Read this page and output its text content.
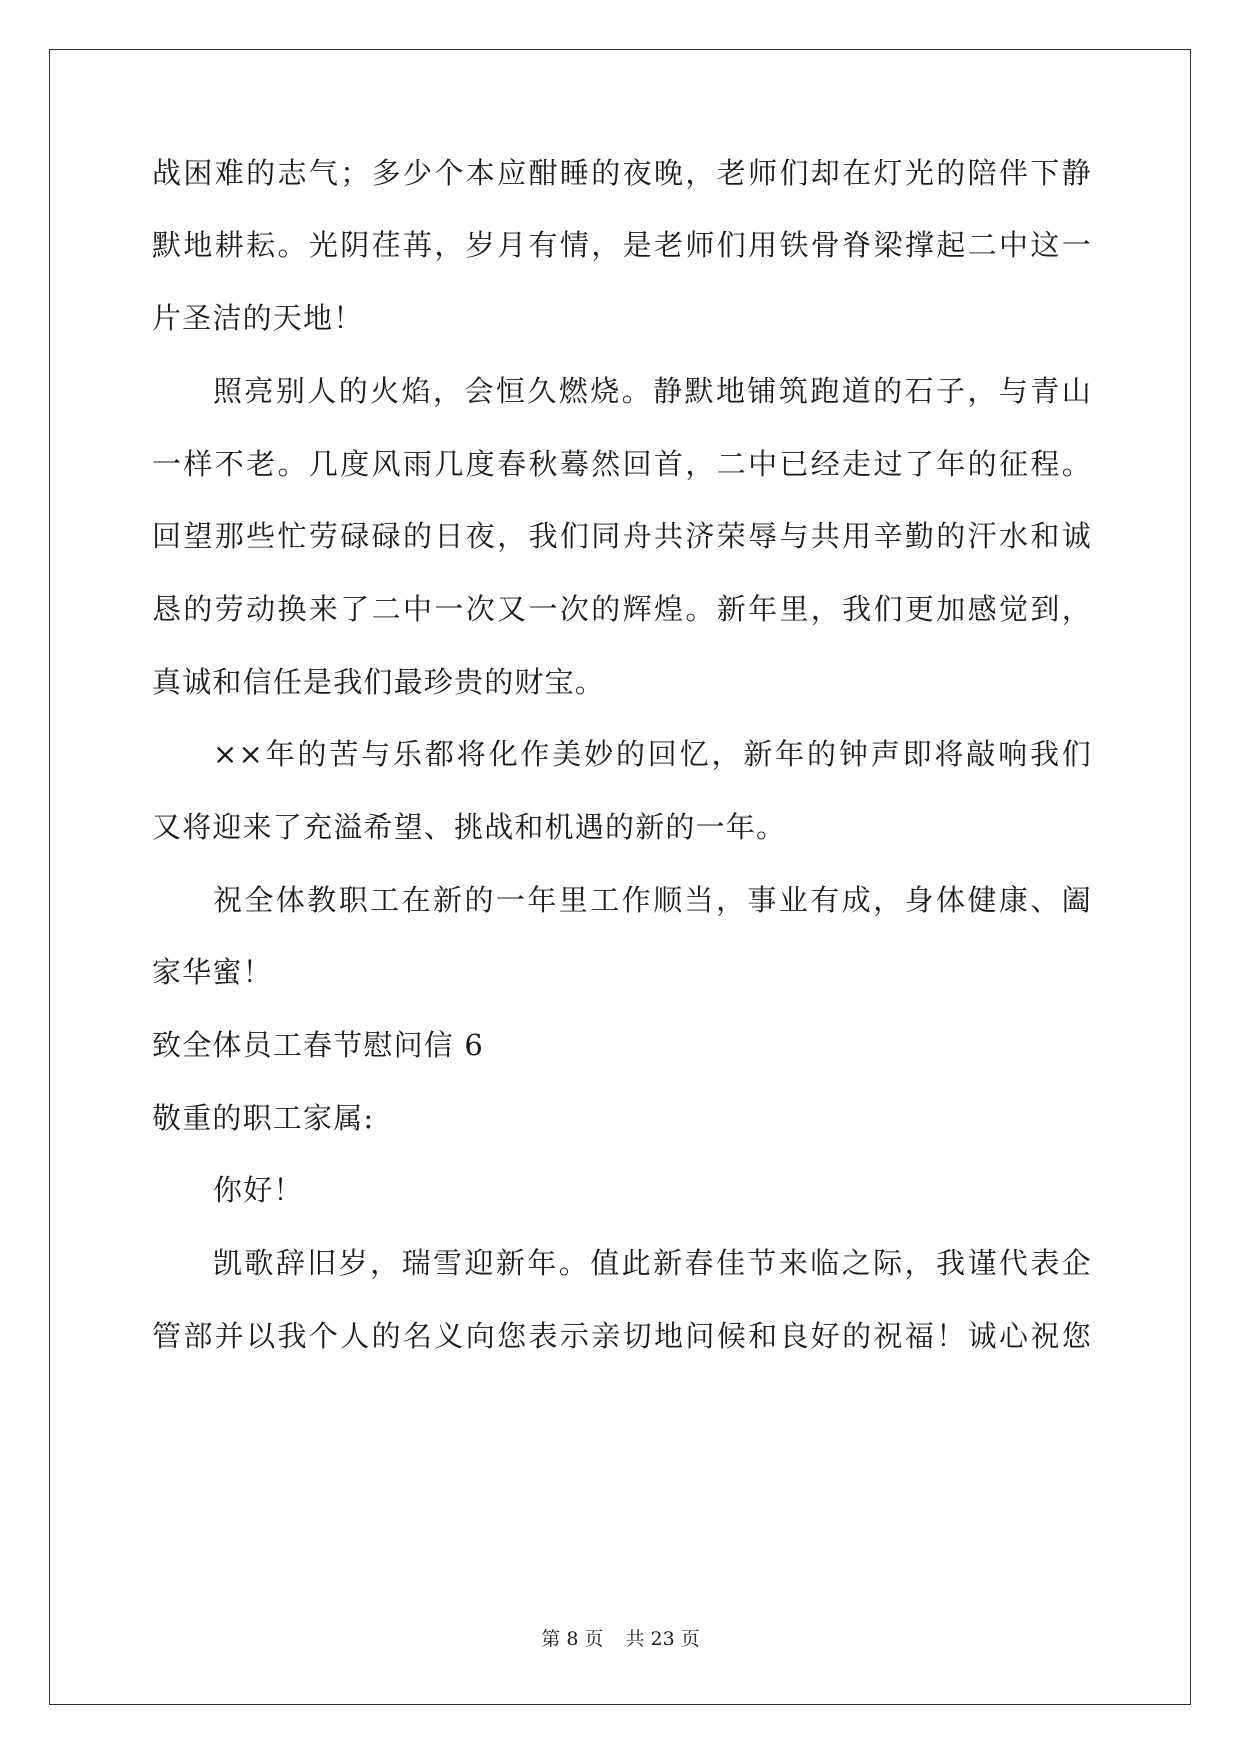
战困难的志气；多少个本应酣睡的夜晚，老师们却在灯光的陪伴下静
默地耕耘。光阴荏苒，岁月有情，是老师们用铁骨脊梁撑起二中这一
片圣洁的天地！
照亮别人的火焰，会恒久燃烧。静默地铺筑跑道的石子，与青山
一样不老。几度风雨几度春秋蓦然回首，二中已经走过了年的征程。
回望那些忙劳碌碌的日夜，我们同舟共济荣辱与共用辛勤的汗水和诚
恳的劳动换来了二中一次又一次的辉煌。新年里，我们更加感觉到，
真诚和信任是我们最珍贵的财宝。
××年的苦与乐都将化作美妙的回忆，新年的钟声即将敲响我们
又将迎来了充溢希望、挑战和机遇的新的一年。
祝全体教职工在新的一年里工作顺当，事业有成，身体健康、阖
家华蜜！
致全体员工春节慰问信 6
敬重的职工家属:
你好！
凯歌辞旧岁，瑞雪迎新年。值此新春佳节来临之际，我谨代表企
管部并以我个人的名义向您表示亲切地问候和良好的祝福！诚心祝您
第 8 页 共 23 页
